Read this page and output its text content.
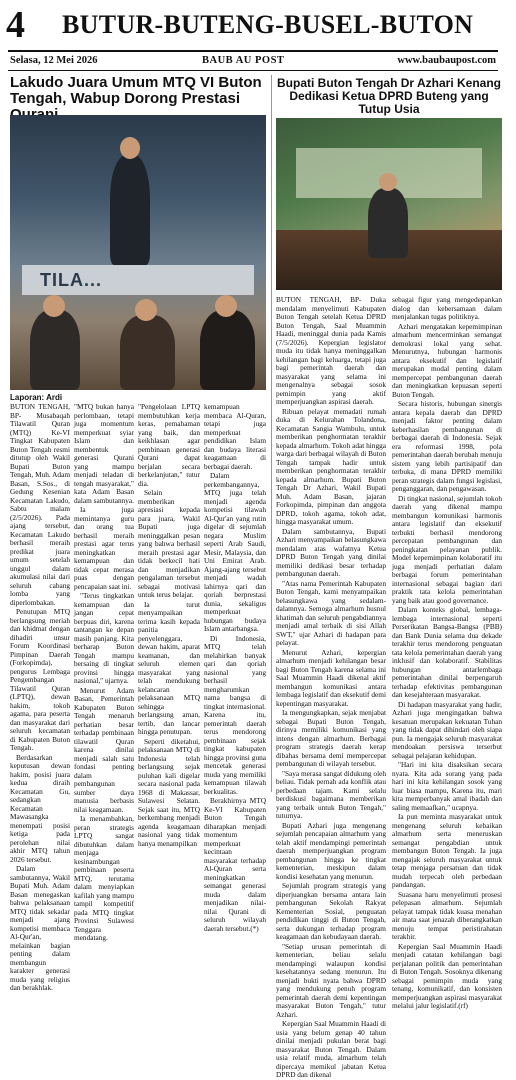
4 BUTUR-BUTENG-BUSEL-BUTON
Selasa, 12 Mei 2026	BAUB AU POST	www.baubaupost.com
Lakudo Juara Umum MTQ VI Buton Tengah, Wabup Dorong Prestasi
TILA...
Laporan: Ardi

BUTON TENGAH, BP- Musabaqah Tilawatil Quran (MTQ) Ke-VI Tingkat Kabupaten Buton Tengah resmi ditutup oleh Wakil Bupati Buton Tengah, Muh. Adam Basan, S.Sos., di Gedung Kesenian Kecamatan Lakudo, Sabtu malam (2/5/2026). Pada ajang tersebut, Kecamatan Lakudo berhasil meraih predikat juara umum setelah unggul dalam akumulasi nilai dari seluruh cabang lomba yang diperlombakan.

Penutupan MTQ berlangsung meriah dan khidmat dengan dihadiri unsur Forum Koordinasi Pimpinan Daerah (Forkopimda), pengurus Lembaga Pengembangan Tilawatil Quran (LPTQ), dewan hakim, tokoh agama, para peserta dan masyarakat dari seluruh kecamatan di Kabupaten Buton Tengah.

Berdasarkan keputusan dewan hakim, posisi juara kedua diraih Kecamatan Gu, sedangkan Kecamatan Mawasangka menempati posisi ketiga pada perolehan nilai akhir MTQ tahun 2026 tersebut.

Dalam sambutannya, Wakil Bupati Muh. Adam Basan menegaskan bahwa pelaksanaan MTQ tidak sekadar menjadi ajang kompetisi membaca Al-Qur'an, melainkan bagian penting dalam membangun karakter generasi muda yang religius dan berakhlak.

"MTQ bukan hanya perlombaan, tetapi juga momentum memperkuat syiar Islam dan membentuk generasi Qurani yang mampu menjadi teladan di tengah masyarakat," kata Adam Basan dalam sambutannya.

Ia juga memintanya guru dan orang tua berhasil meraih prestasi agar terus meningkatkan kemampuan dan tidak cepat merasa puas dengan pencapaian saat ini.

"Terus tingkatkan kemampuan dan jangan cepat berpuas diri, karena tantangan ke depan masih panjang. Kita berharap Buton Tengah mampu bersaing di tingkat provinsi hingga nasional," ujarnya.

Menurut Adam Basan, Pemerintah Kabupaten Buton Tengah menaruh perhatian besar terhadap pembinaan tilawatil Quran karena dinilai menjadi salah satu fondasi penting dalam pembangunan sumber daya manusia berbasis nilai keagamaan.

Ia menambahkan, peran strategis LPTQ sangat dibutuhkan dalam menjaga kesinambungan pembinaan peserta MTQ, terutama dalam menyiapkan kafilah yang mampu tampil kompetitif pada MTQ tingkat Provinsi Sulawesi Tenggara mendatang.

"Pengelolaan LPTQ membutuhkan kerja keras, pemahaman yang baik, dan keikhlasan agar pembinaan generasi Qurani dapat berjalan secara berkelanjutan," tutur dia.

Selain memberikan apresiasi kepada para juara, Wakil Bupati juga meninggalkan pesan yang bahwa berhasil meraih prestasi agar tidak berkecil hati dan menjadikan pengalaman tersebut sebagai motivasi untuk terus belajar.

Ia turut menyampaikan terima kasih kepada panitia penyelenggara, dewan hakim, aparat keamanan, dan seluruh elemen masyarakat yang telah mendukung kelancaran pelaksanaan MTQ sehingga berlangsung aman, tertib, dan lancar hingga penutupan.

Seperti diketahui, pelaksanaan MTQ di Indonesia telah berlangsung sejak puluhan kali digelar secara nasional pada 1968 di Makassar, Sulawesi Selatan. Sejak saat itu, MTQ berkembang menjadi agenda keagamaan nasional yang tidak hanya menampilkan

kemampuan membaca Al-Quran, tetapi juga memperkuat pendidikan Islam dan budaya literasi keagamaan di berbagai daerah.

Dalam perkembangannya, MTQ juga telah menjadi agenda kompetisi tilawah Al-Qur'an yang rutin digelar di sejumlah negara Muslim seperti Arab Saudi, Mesir, Malaysia, dan Uni Emirat Arab. Ajang-ajang tersebut menjadi wadah lahirnya qari dan qoriah berprestasi dunia, sekaligus memperkuat hubungan budaya Islam antarbangsa.

Di Indonesia, MTQ telah melahirkan banyak qari dan qoriah nasional yang berhasil mengharumkan nama bangsa di tingkat internasional. Karena itu, pemerintah daerah terus mendorong pembinaan sejak tingkat kabupaten hingga provinsi guna mencetak generasi muda yang memiliki kemampuan tilawah berkualitas.

Berakhirnya MTQ Ke-VI Kabupaten Buton Tengah diharapkan menjadi momentum memperkuat kecintaan masyarakat terhadap Al-Quran serta meningkatkan semangat generasi muda dalam menjadikan nilai-nilai Qurani di seluruh wilayah daerah tersebut.(*)

Bupati Buton Tengah Dr Azhari Kenang Dedikasi Ketua DPRD Buteng yang Tutup Usia

BUTON TENGAH, BP- Duka mendalam menyelimuti Kabupaten Buton Tengah setelah Ketua DPRD Buton Tengah, Saal Muammin Haadi, meninggal dunia pada Kamis (7/5/2026). Kepergian legislator muda itu tidak hanya meninggalkan kehilangan bagi keluarga, tetapi juga bagi pemerintah daerah dan masyarakat yang selama ini mengenalnya sebagai sosok pemimpin yang aktif memperjuangkan aspirasi daerah.

Ribuan pelayat memadati rumah duka di Kelurahan Tolandona, Kecamatan Sangia Wambulu, untuk memberikan penghormatan terakhir kepada almarhum. Tokoh adat hingga warga dari berbagai wilayah di Buton Tengah tampak hadir untuk memberikan penghormatan terakhir kepada almarhum. Bupati Buton Tengah Dr Azhari, Wakil Bupati Muh. Adam Basan, jajaran Forkopimda, pimpinan dan anggota DPRD, tokoh agama, tokoh adat, hingga masyarakat umum.

Dalam sambutannya, Bupati Azhari menyampaikan belasungkawa mendalam atas wafatnya Ketua DPRD Buton Tengah yang dinilai memiliki dedikasi besar terhadap pembangunan daerah.

"Atas nama Pemerintah Kabupaten Buton Tengah, kami menyampaikan belasungkawa yang sedalam-dalamnya. Semoga almarhum husnul khatimah dan seluruh pengabdiannya menjadi amal terbaik di sisi Allah SWT," ujar Azhari di hadapan para pelayat.

Menurut Azhari, kepergian almarhum menjadi kehilangan besar bagi Buton Tengah karena selama ini Saal Muammin Haadi dikenal aktif membangun komunikasi antara lembaga legislatif dan eksekutif demi kepentingan masyarakat.

Ia mengungkapkan, sejak menjabat sebagai Bupati Buton Tengah, dirinya memiliki komunikasi yang intens dengan almarhum. Berbagai program strategis daerah kerap dibahas bersama demi mempercepat pembangunan di wilayah tersebut.

"Saya merasa sangat didukung oleh beliau. Tidak pernah ada konflik atau perbedaan tajam. Kami selalu berdiskusi bagaimana memberikan yang terbaik untuk Buton Tengah," tuturnya.

Bupati Azhari juga mengenang sejumlah pencapaian almarhum yang telah aktif mendampingi pemerintah daerah memperjuangkan program pembangunan hingga ke tingkat kementerian, meskipun dalam kondisi kesehatan yang menurun.

Sejumlah program strategis yang diperjuangkan bersama antara lain pembangunan Sekolah Rakyat Kementerian Sosial, penguatan pendidikan tinggi di Buton Tengah, serta dukungan terhadap program keagamaan dan kebudayaan daerah.

"Setiap urusan pemerintah di kementerian, beliau selalu mendampingi walaupun kondisi kesehatannya sedang menurun. Itu menjadi bukti nyata bahwa DPRD yang mendukung penuh program pemerintah daerah demi kepentingan masyarakat Buton Tengah," tutur Azhari.

Kepergian Saal Muammin Haadi di usia yang belum genap 40 tahun dinilai menjadi pukulan berat bagi masyarakat Buton Tengah. Dalam usia relatif muda, almarhum telah dipercaya memikul jabatan Ketua DPRD dan dikenal

sebagai figur yang mengedepankan dialog dan kebersamaan dalam menjalankan tugas politiknya.

Azhari mengatakan kepemimpinan almarhum mencerminkan semangat demokrasi lokal yang sehat. Menurutnya, hubungan harmonis antara eksekutif dan legislatif merupakan modal penting dalam mempercepat pembangunan daerah dan meningkatkan kepuasan seperti Buton Tengah.

Secara historis, hubungan sinergis antara kepala daerah dan DPRD menjadi faktor penting dalam keberhasilan pembangunan di berbagai daerah di Indonesia. Sejak era reformasi 1998, pola pemerintahan daerah berubah menuju sistem yang lebih partisipatif dan terbuka, di mana DPRD memiliki peran strategis dalam fungsi legislasi, penganggaran, dan pengawasan.

Di tingkat nasional, sejumlah tokoh daerah yang dikenal mampu membangun komunikasi harmonis antara legislatif dan eksekutif terbukti berhasil mendorong percepatan pembangunan dan peningkatan pelayanan publik. Model kepemimpinan kolaboratif itu juga menjadi perhatian dalam berbagai forum pemerintahan internasional sebagai bagian dari praktik tata kelola pemerintahan yang baik atau good governance.

Dalam konteks global, lembaga-lembaga internasional seperti Perserikatan Bangsa-Bangsa (PBB) dan Bank Dunia selama dua dekade terakhir terus mendorong penguatan tata kelola pemerintahan daerah yang inklusif dan kolaboratif. Stabilitas hubungan antarlembaga pemerintahan dinilai berpengaruh terhadap efektivitas pembangunan dan kesejahteraan masyarakat.

Di hadapan masyarakat yang hadir, Azhari juga mengingatkan bahwa kesatuan merupakan kekuatan Tuhan yang tidak dapat dihindari oleh siapa pun. Ia mengajak seluruh masyarakat mendoakan persiswa terserbut sebagai pelajaran kehidupan.

"Hari ini kita disaksikan secara nyata. Kita ada sorang yang pada hari ini kita kehilangan sosok yang luar biasa mampu, Karena itu, mari kita memperbanyak amal ibadah dan saling memaafkan," ucapnya.

Ia pun meminta masyarakat untuk mengenang seluruh kebaikan almarhum serta meneruskan semangat pengabdian untuk membangun Buton Tengah. Ia juga mengajak seluruh masyarakat untuk tetap menjaga persatuan dan tidak mudah terpecah oleh perbedaan pandangan.

Suasana haru menyelimuti prosesi pelepasan almarhum. Sejumlah pelayat tampak tidak kuasa menahan air mata saat jenazah diberangkatkan menuju tempat peristirahatan terakhir.

Kepergian Saal Muammin Haadi menjadi catatan kehilangan bagi perjalanan politik dan pemerintahan di Buton Tengah. Sosoknya dikenang sebagai pemimpin muda yang tenang, komunikatif, dan konsisten memperjuangkan aspirasi masyarakat melalui jalur legislatif.(rf)
